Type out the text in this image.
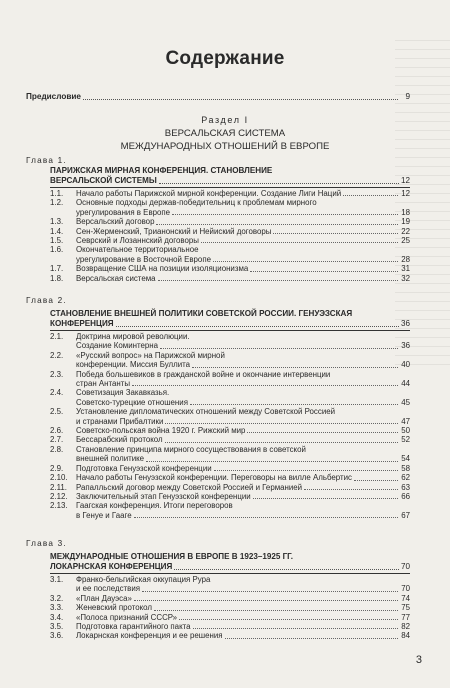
Содержание
Предисловие	9
Раздел I
ВЕРСАЛЬСКАЯ СИСТЕМА
МЕЖДУНАРОДНЫХ ОТНОШЕНИЙ В ЕВРОПЕ
Глава 1.
ПАРИЖСКАЯ МИРНАЯ КОНФЕРЕНЦИЯ. СТАНОВЛЕНИЕ
ВЕРСАЛЬСКОЙ СИСТЕМЫ	12
1.1.	Начало работы Парижской мирной конференции. Создание Лиги Наций	12
1.2.	Основные подходы держав-победительниц к проблемам мирного
урегулирования в Европе	18
1.3.	Версальский договор	19
1.4.	Сен-Жерменский, Трианонский и Нейиский договоры	22
1.5.	Севрский и Лозаннский договоры	25
1.6.	Окончательное территориальное
урегулирование в Восточной Европе	28
1.7.	Возвращение США на позиции изоляционизма	31
1.8.	Версальская система	32
Глава 2.
СТАНОВЛЕНИЕ ВНЕШНЕЙ ПОЛИТИКИ СОВЕТСКОЙ РОССИИ. ГЕНУЭЗСКАЯ
КОНФЕРЕНЦИЯ	36
2.1.	Доктрина мировой революции.
Создание Коминтерна	36
2.2.	«Русский вопрос» на Парижской мирной
конференции. Миссия Буллита	40
2.3.	Победа большевиков в гражданской войне и окончание интервенции
стран Антанты	44
2.4.	Советизация Закавказья.
Советско-турецкие отношения	45
2.5.	Установление дипломатических отношений между Советской Россией
и странами Прибалтики	47
2.6.	Советско-польская война 1920 г. Рижский мир	50
2.7.	Бессарабский протокол	52
2.8.	Становление принципа мирного сосуществования в советской
внешней политике	54
2.9.	Подготовка Генуэзской конференции	58
2.10.	Начало работы Генуэзской конференции. Переговоры на вилле Альбертис	62
2.11.	Рапалльский договор между Советской Россией и Германией	63
2.12.	Заключительный этап Генуэзской конференции	66
2.13.	Гаагская конференция. Итоги переговоров
в Генуе и Гааге	67
Глава 3.
МЕЖДУНАРОДНЫЕ ОТНОШЕНИЯ В ЕВРОПЕ В 1923–1925 ГГ.
ЛОКАРНСКАЯ КОНФЕРЕНЦИЯ	70
3.1.	Франко-бельгийская оккупация Рура
и ее последствия	70
3.2.	«План Дауэса»	74
3.3.	Женевский протокол	75
3.4.	«Полоса признаний СССР»	77
3.5.	Подготовка гарантийного пакта	82
3.6.	Локарнская конференция и ее решения	84
3
